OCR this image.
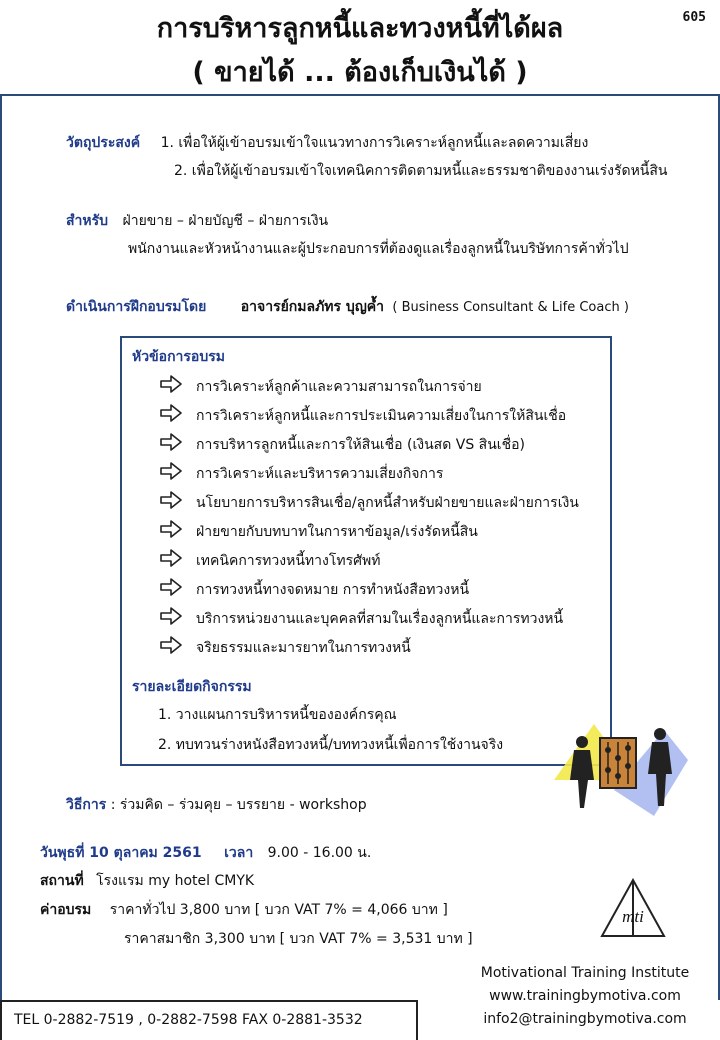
การบริหารลูกหนี้และทวงหนี้ที่ได้ผล
( ขายได้ ... ต้องเก็บเงินได้ )
605
วัตถุประสงค์ 1. เพื่อให้ผู้เข้าอบรมเข้าใจแนวทางการวิเคราะห์ลูกหนี้และลดความเสี่ยง
2. เพื่อให้ผู้เข้าอบรมเข้าใจเทคนิคการติดตามหนี้และธรรมชาติของงานเร่งรัดหนี้สิน
สำหรับ ฝ่ายขาย – ฝ่ายบัญชี – ฝ่ายการเงิน
พนักงานและหัวหน้างานและผู้ประกอบการที่ต้องดูแลเรื่องลูกหนี้ในบริษัทการค้าทั่วไป
ดำเนินการฝึกอบรมโดย อาจารย์กมลภัทร บุญค้ำ ( Business Consultant & Life Coach )
หัวข้อการอบรม
การวิเคราะห์ลูกค้าและความสามารถในการจ่าย
การวิเคราะห์ลูกหนี้และการประเมินความเสี่ยงในการให้สินเชื่อ
การบริหารลูกหนี้และการให้สินเชื่อ (เงินสด VS สินเชื่อ)
การวิเคราะห์และบริหารความเสี่ยงกิจการ
นโยบายการบริหารสินเชื่อ/ลูกหนี้สำหรับฝ่ายขายและฝ่ายการเงิน
ฝ่ายขายกับบทบาทในการหาข้อมูล/เร่งรัดหนี้สิน
เทคนิคการทวงหนี้ทางโทรศัพท์
การทวงหนี้ทางจดหมาย การทำหนังสือทวงหนี้
บริการหน่วยงานและบุคคลที่สามในเรื่องลูกหนี้และการทวงหนี้
จริยธรรมและมารยาทในการทวงหนี้
รายละเอียดกิจกรรม
1. วางแผนการบริหารหนี้ขององค์กรคุณ
2. ทบทวนร่างหนังสือทวงหนี้/บททวงหนี้เพื่อการใช้งานจริง
วิธีการ : ร่วมคิด – ร่วมคุย – บรรยาย - workshop
วันพุธที่ 10 ตุลาคม 2561 เวลา 9.00 - 16.00 น.
สถานที่ โรงแรม my hotel CMYK
ค่าอบรม ราคาทั่วไป 3,800 บาท [ บวก VAT 7% = 4,066 บาท ]
ราคาสมาชิก 3,300 บาท [ บวก VAT 7% = 3,531 บาท ]
mti
Motivational Training Institute
www.trainingbymotiva.com
info2@trainingbymotiva.com
TEL 0-2882-7519 , 0-2882-7598 FAX 0-2881-3532
